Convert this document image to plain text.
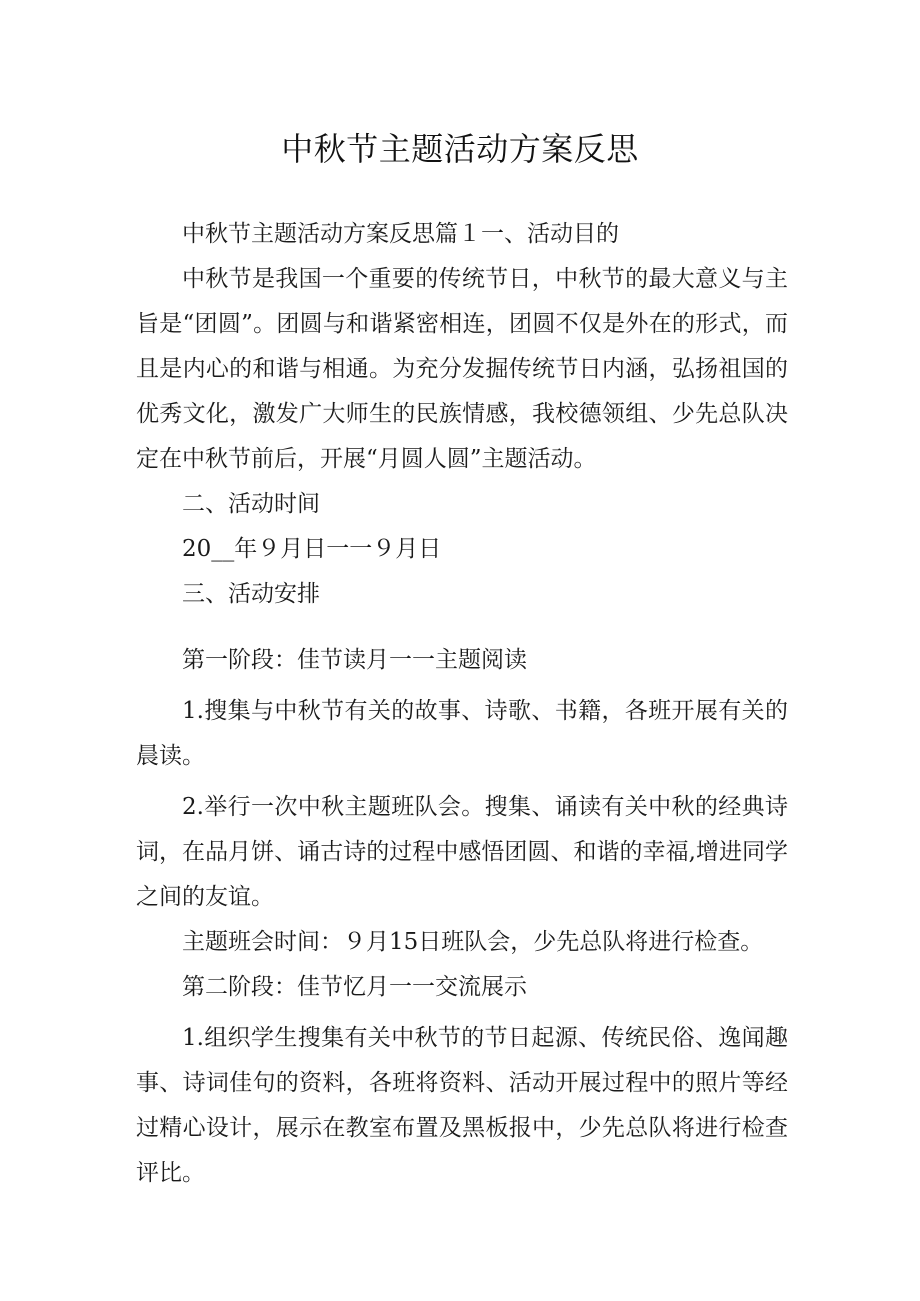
中秋节主题活动方案反思

中秋节主题活动方案反思篇１一、活动目的

中秋节是我国一个重要的传统节日，中秋节的最大意义与主旨是“团圆”。团圆与和谐紧密相连，团圆不仅是外在的形式，而且是内心的和谐与相通。为充分发掘传统节日内涵，弘扬祖国的优秀文化，激发广大师生的民族情感，我校德领组、少先总队决定在中秋节前后，开展“月圆人圆”主题活动。

二、活动时间

20__年９月日一一９月日

三、活动安排

第一阶段：佳节读月一一主题阅读

1.搜集与中秋节有关的故事、诗歌、书籍，各班开展有关的晨读。

2.举行一次中秋主题班队会。搜集、诵读有关中秋的经典诗词，在品月饼、诵古诗的过程中感悟团圆、和谐的幸福,增进同学之间的友谊。

主题班会时间：９月15日班队会，少先总队将进行检查。

第二阶段：佳节忆月一一交流展示

1.组织学生搜集有关中秋节的节日起源、传统民俗、逸闻趣事、诗词佳句的资料，各班将资料、活动开展过程中的照片等经过精心设计，展示在教室布置及黑板报中，少先总队将进行检查评比。
